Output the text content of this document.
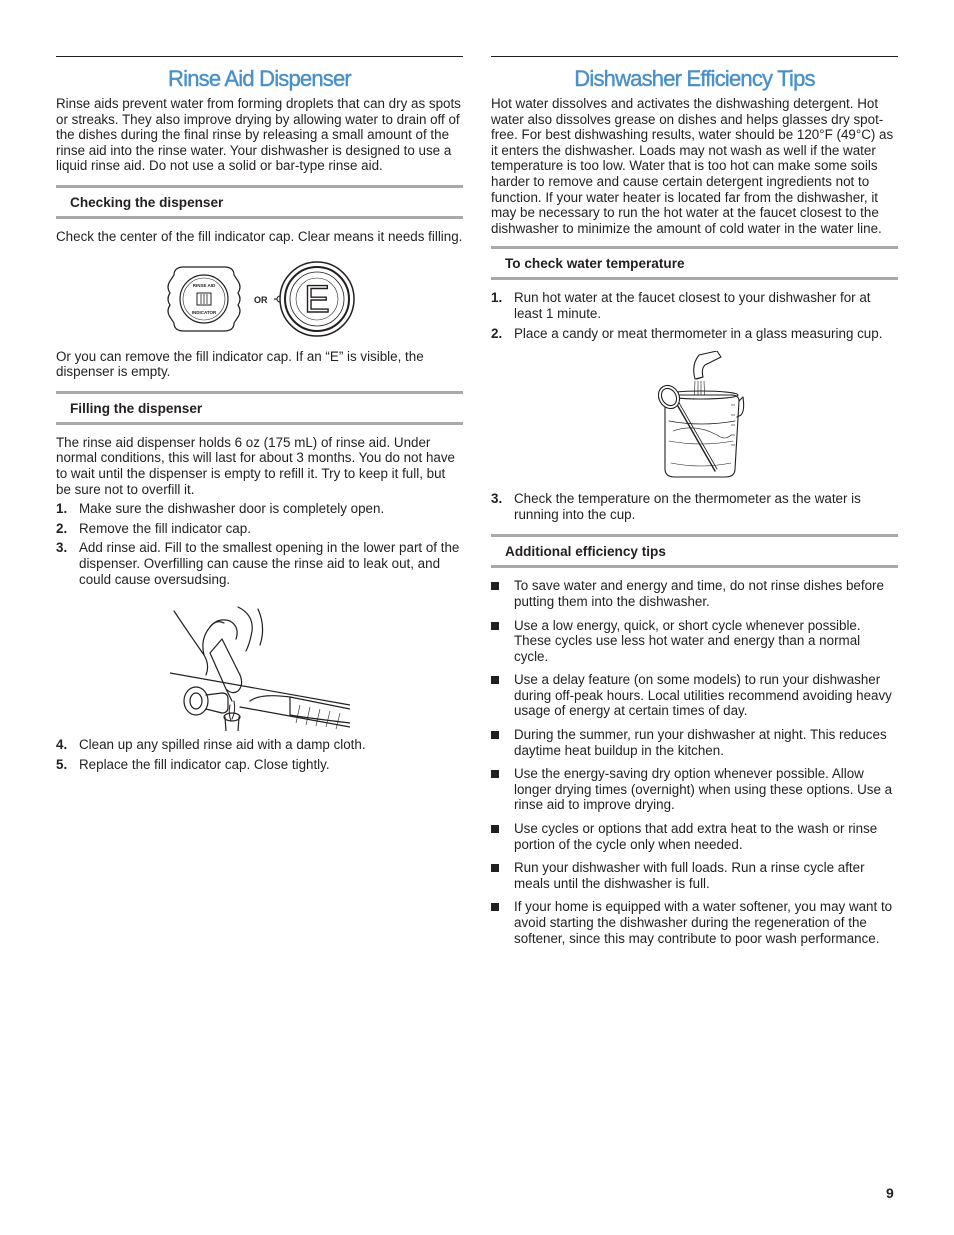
Rinse Aid Dispenser

Rinse aids prevent water from forming droplets that can dry as spots or streaks. They also improve drying by allowing water to drain off of the dishes during the final rinse by releasing a small amount of the rinse aid into the rinse water. Your dishwasher is designed to use a liquid rinse aid. Do not use a solid or bar-type rinse aid.

Checking the dispenser

Check the center of the fill indicator cap. Clear means it needs filling.

RINSE AID
INDICATOR
OR E

Or you can remove the fill indicator cap. If an “E” is visible, the dispenser is empty.

Filling the dispenser

The rinse aid dispenser holds 6 oz (175 mL) of rinse aid. Under normal conditions, this will last for about 3 months. You do not have to wait until the dispenser is empty to refill it. Try to keep it full, but be sure not to overfill it.

1. Make sure the dishwasher door is completely open.
2. Remove the fill indicator cap.
3. Add rinse aid. Fill to the smallest opening in the lower part of the dispenser. Overfilling can cause the rinse aid to leak out, and could cause oversudsing.
4. Clean up any spilled rinse aid with a damp cloth.
5. Replace the fill indicator cap. Close tightly.
Dishwasher Efficiency Tips

Hot water dissolves and activates the dishwashing detergent. Hot water also dissolves grease on dishes and helps glasses dry spot-free. For best dishwashing results, water should be 120°F (49°C) as it enters the dishwasher. Loads may not wash as well if the water temperature is too low. Water that is too hot can make some soils harder to remove and cause certain detergent ingredients not to function. If your water heater is located far from the dishwasher, it may be necessary to run the hot water at the faucet closest to the dishwasher to minimize the amount of cold water in the water line.

To check water temperature
1. Run hot water at the faucet closest to your dishwasher for at least 1 minute.
2. Place a candy or meat thermometer in a glass measuring cup.
3. Check the temperature on the thermometer as the water is running into the cup.
Additional efficiency tips
To save water and energy and time, do not rinse dishes before putting them into the dishwasher.
Use a low energy, quick, or short cycle whenever possible. These cycles use less hot water and energy than a normal cycle.
Use a delay feature (on some models) to run your dishwasher during off-peak hours. Local utilities recommend avoiding heavy usage of energy at certain times of day.
During the summer, run your dishwasher at night. This reduces daytime heat buildup in the kitchen.
Use the energy-saving dry option whenever possible. Allow longer drying times (overnight) when using these options. Use a rinse aid to improve drying.
Use cycles or options that add extra heat to the wash or rinse portion of the cycle only when needed.
Run your dishwasher with full loads. Run a rinse cycle after meals until the dishwasher is full.
If your home is equipped with a water softener, you may want to avoid starting the dishwasher during the regeneration of the softener, since this may contribute to poor wash performance.
9
